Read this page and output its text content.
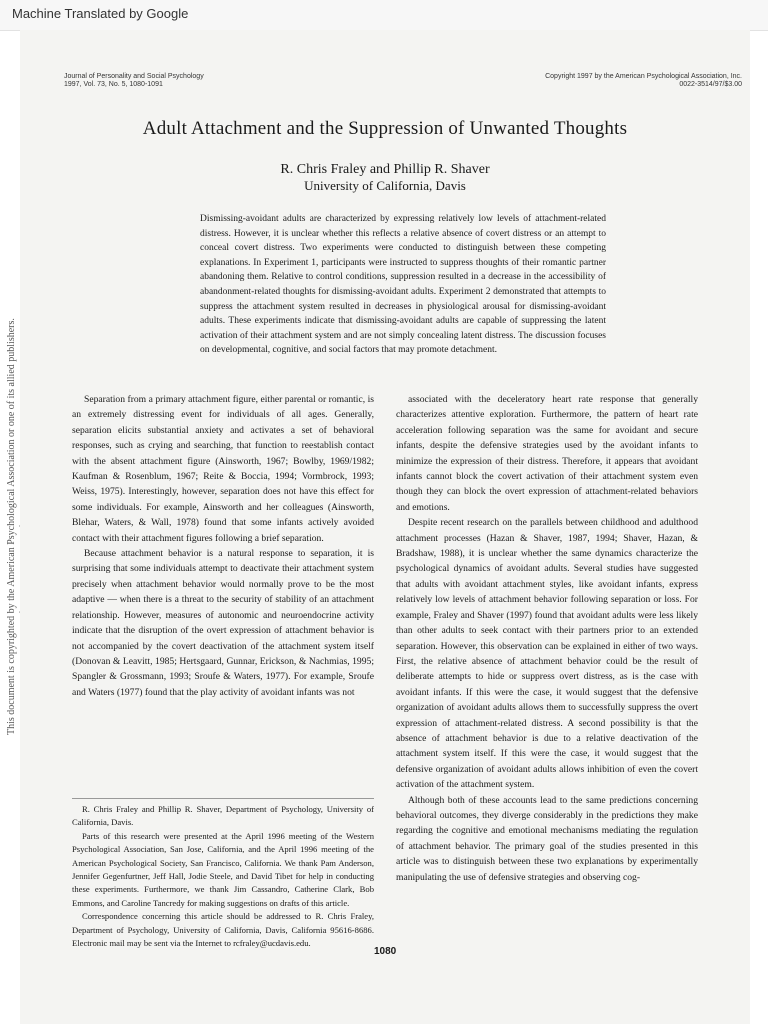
Machine Translated by Google
This document is copyrighted by the American Psychological Association or one of its allied publishers.
Journal of Personality and Social Psychology
1997, Vol. 73, No. 5, 1080-1091
Copyright 1997 by the American Psychological Association, Inc.
0022-3514/97/$3.00
Adult Attachment and the Suppression of Unwanted Thoughts
R. Chris Fraley and Phillip R. Shaver
University of California, Davis
Dismissing-avoidant adults are characterized by expressing relatively low levels of attachment-related distress. However, it is unclear whether this reflects a relative absence of covert distress or an attempt to conceal covert distress. Two experiments were conducted to distinguish between these competing explanations. In Experiment 1, participants were instructed to suppress thoughts of their romantic partner abandoning them. Relative to control conditions, suppression resulted in a decrease in the accessibility of abandonment-related thoughts for dismissing-avoidant adults. Experiment 2 demonstrated that attempts to suppress the attachment system resulted in decreases in physiological arousal for dismissing-avoidant adults. These experiments indicate that dismissing-avoidant adults are capable of suppressing the latent activation of their attachment system and are not simply concealing latent distress. The discussion focuses on developmental, cognitive, and social factors that may promote detachment.

Separation from a primary attachment figure, either parental or romantic, is an extremely distressing event for individuals of all ages. Generally, separation elicits substantial anxiety and activates a set of behavioral responses, such as crying and searching, that function to reestablish contact with the absent attachment figure (Ainsworth, 1967; Bowlby, 1969/1982; Kaufman & Rosenblum, 1967; Reite & Boccia, 1994; Vormbrock, 1993; Weiss, 1975). Interestingly, however, separation does not have this effect for some individuals. For example, Ainsworth and her colleagues (Ainsworth, Blehar, Waters, & Wall, 1978) found that some infants actively avoided contact with their attachment figures following a brief separation.

Because attachment behavior is a natural response to separation, it is surprising that some individuals attempt to deactivate their attachment system precisely when attachment behavior would normally prove to be the most adaptive — when there is a threat to the security of stability of an attachment relationship. However, measures of autonomic and neuroendocrine activity indicate that the disruption of the overt expression of attachment behavior is not accompanied by the covert deactivation of the attachment system itself (Donovan & Leavitt, 1985; Hertsgaard, Gunnar, Erickson, & Nachmias, 1995; Spangler & Grossmann, 1993; Sroufe & Waters, 1977). For example, Sroufe and Waters (1977) found that the play activity of avoidant infants was not

associated with the deceleratory heart rate response that generally characterizes attentive exploration. Furthermore, the pattern of heart rate acceleration following separation was the same for avoidant and secure infants, despite the defensive strategies used by the avoidant infants to minimize the expression of their distress. Therefore, it appears that avoidant infants cannot block the covert activation of their attachment system even though they can block the overt expression of attachment-related behaviors and emotions.

Despite recent research on the parallels between childhood and adulthood attachment processes (Hazan & Shaver, 1987, 1994; Shaver, Hazan, & Bradshaw, 1988), it is unclear whether the same dynamics characterize the psychological dynamics of avoidant adults. Several studies have suggested that adults with avoidant attachment styles, like avoidant infants, express relatively low levels of attachment behavior following separation or loss. For example, Fraley and Shaver (1997) found that avoidant adults were less likely than other adults to seek contact with their partners prior to an extended separation. However, this observation can be explained in either of two ways. First, the relative absence of attachment behavior could be the result of deliberate attempts to hide or suppress overt distress, as is the case with avoidant infants. If this were the case, it would suggest that the defensive organization of avoidant adults allows them to successfully suppress the overt expression of attachment-related distress. A second possibility is that the absence of attachment behavior is due to a relative deactivation of the attachment system itself. If this were the case, it would suggest that the defensive organization of avoidant adults allows inhibition of even the covert activation of the attachment system.

Although both of these accounts lead to the same predictions concerning behavioral outcomes, they diverge considerably in the predictions they make regarding the cognitive and emotional mechanisms mediating the regulation of attachment behavior. The primary goal of the studies presented in this article was to distinguish between these two explanations by experimentally manipulating the use of defensive strategies and observing cog-

R. Chris Fraley and Phillip R. Shaver, Department of Psychology, University of California, Davis.

Parts of this research were presented at the April 1996 meeting of the Western Psychological Association, San Jose, California, and the April 1996 meeting of the American Psychological Society, San Francisco, California. We thank Pam Anderson, Jennifer Gegenfurtner, Jeff Hall, Jodie Steele, and David Tibet for help in conducting these experiments. Furthermore, we thank Jim Cassandro, Catherine Clark, Bob Emmons, and Caroline Tancredy for making suggestions on drafts of this article.

Correspondence concerning this article should be addressed to R. Chris Fraley, Department of Psychology, University of California, Davis, California 95616-8686. Electronic mail may be sent via the Internet to rcfraley@ucdavis.edu.

1080
